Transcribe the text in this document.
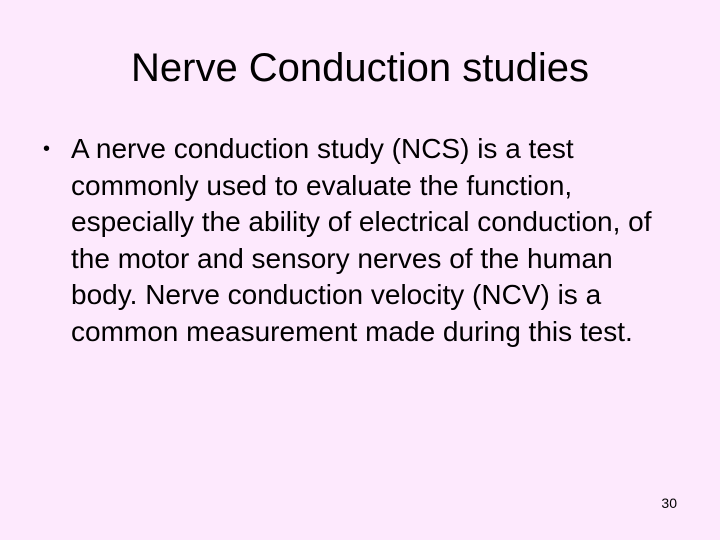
Nerve Conduction studies
• A nerve conduction study (NCS) is a test commonly used to evaluate the function, especially the ability of electrical conduction, of the motor and sensory nerves of the human body. Nerve conduction velocity (NCV) is a common measurement made during this test.
30
